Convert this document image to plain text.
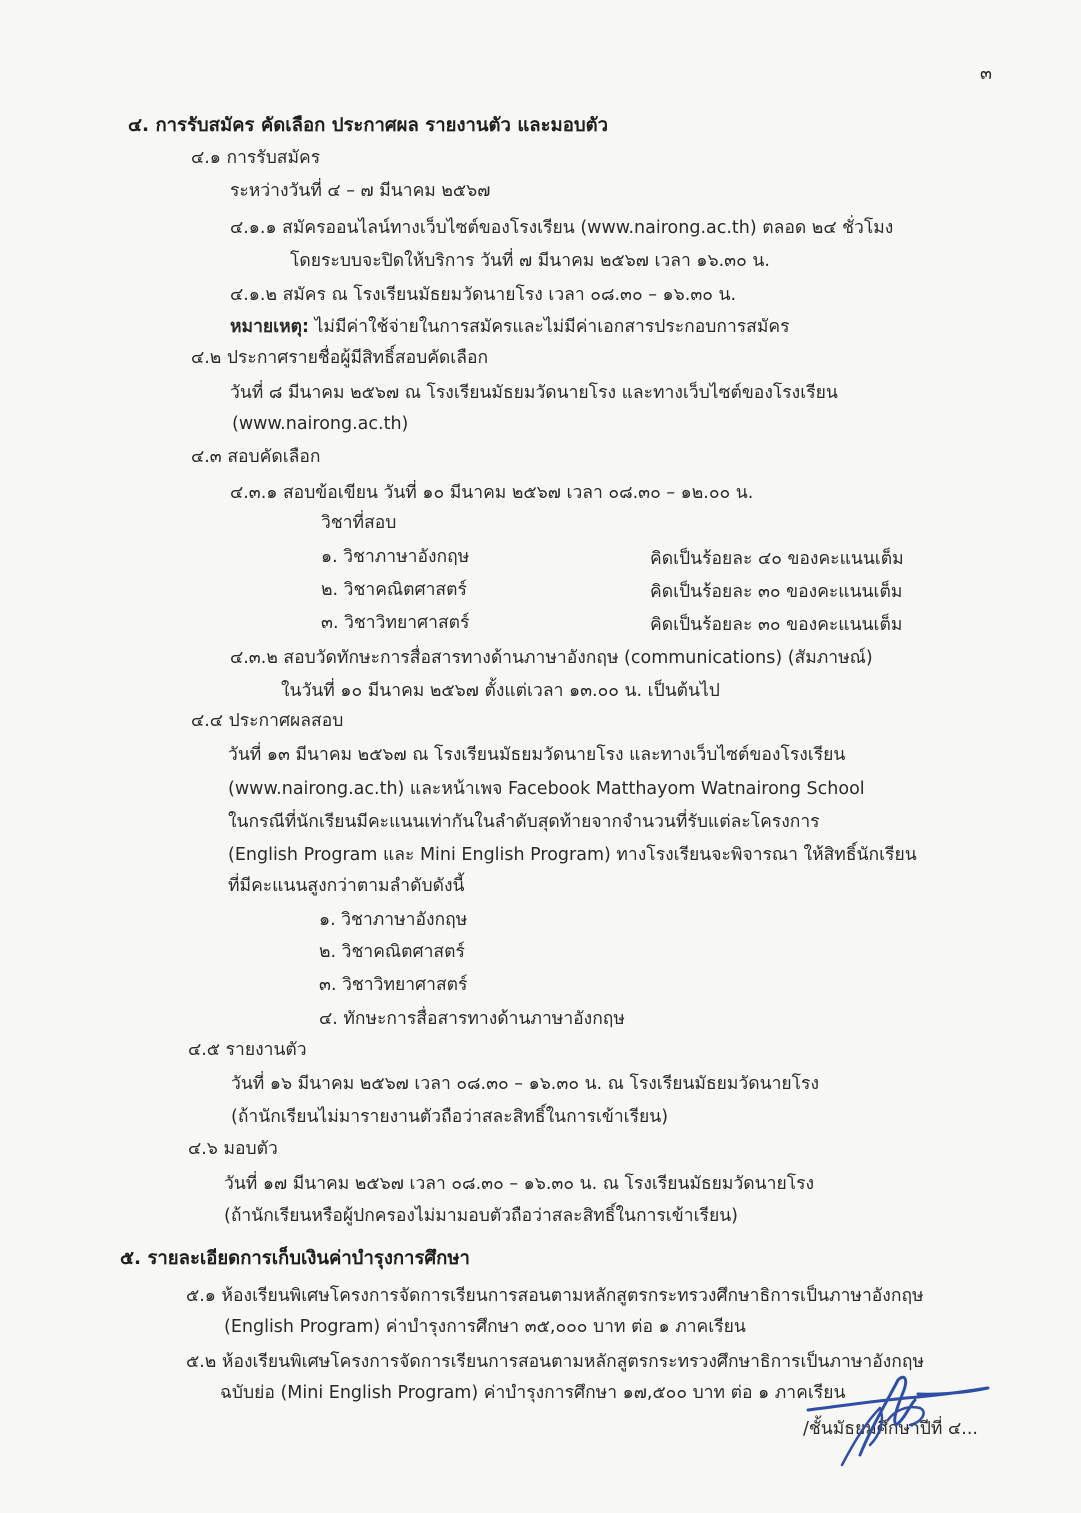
๓
๔. การรับสมัคร คัดเลือก ประกาศผล รายงานตัว และมอบตัว
๔.๑ การรับสมัคร
ระหว่างวันที่ ๔ – ๗ มีนาคม ๒๕๖๗
๔.๑.๑ สมัครออนไลน์ทางเว็บไซต์ของโรงเรียน (www.nairong.ac.th) ตลอด ๒๔ ชั่วโมง
โดยระบบจะปิดให้บริการ วันที่ ๗ มีนาคม ๒๕๖๗ เวลา ๑๖.๓๐ น.
๔.๑.๒ สมัคร ณ โรงเรียนมัธยมวัดนายโรง เวลา ๐๘.๓๐ – ๑๖.๓๐ น.
หมายเหตุ: ไม่มีค่าใช้จ่ายในการสมัครและไม่มีค่าเอกสารประกอบการสมัคร
๔.๒ ประกาศรายชื่อผู้มีสิทธิ์สอบคัดเลือก
วันที่ ๘ มีนาคม ๒๕๖๗ ณ โรงเรียนมัธยมวัดนายโรง และทางเว็บไซต์ของโรงเรียน
(www.nairong.ac.th)
๔.๓ สอบคัดเลือก
๔.๓.๑ สอบข้อเขียน วันที่ ๑๐ มีนาคม ๒๕๖๗ เวลา ๐๘.๓๐ – ๑๒.๐๐ น.
วิชาที่สอบ
๑. วิชาภาษาอังกฤษ	คิดเป็นร้อยละ ๔๐ ของคะแนนเต็ม
๒. วิชาคณิตศาสตร์	คิดเป็นร้อยละ ๓๐ ของคะแนนเต็ม
๓. วิชาวิทยาศาสตร์	คิดเป็นร้อยละ ๓๐ ของคะแนนเต็ม
๔.๓.๒ สอบวัดทักษะการสื่อสารทางด้านภาษาอังกฤษ (communications) (สัมภาษณ์)
ในวันที่ ๑๐ มีนาคม ๒๕๖๗ ตั้งแต่เวลา ๑๓.๐๐ น. เป็นต้นไป
๔.๔ ประกาศผลสอบ
วันที่ ๑๓ มีนาคม ๒๕๖๗ ณ โรงเรียนมัธยมวัดนายโรง และทางเว็บไซต์ของโรงเรียน
(www.nairong.ac.th) และหน้าเพจ Facebook Matthayom Watnairong School
ในกรณีที่นักเรียนมีคะแนนเท่ากันในลำดับสุดท้ายจากจำนวนที่รับแต่ละโครงการ
(English Program และ Mini English Program) ทางโรงเรียนจะพิจารณา ให้สิทธิ์นักเรียน
ที่มีคะแนนสูงกว่าตามลำดับดังนี้
๑. วิชาภาษาอังกฤษ
๒. วิชาคณิตศาสตร์
๓. วิชาวิทยาศาสตร์
๔. ทักษะการสื่อสารทางด้านภาษาอังกฤษ
๔.๕ รายงานตัว
วันที่ ๑๖ มีนาคม ๒๕๖๗ เวลา ๐๘.๓๐ – ๑๖.๓๐ น. ณ โรงเรียนมัธยมวัดนายโรง
(ถ้านักเรียนไม่มารายงานตัวถือว่าสละสิทธิ์ในการเข้าเรียน)
๔.๖ มอบตัว
วันที่ ๑๗ มีนาคม ๒๕๖๗ เวลา ๐๘.๓๐ – ๑๖.๓๐ น. ณ โรงเรียนมัธยมวัดนายโรง
(ถ้านักเรียนหรือผู้ปกครองไม่มามอบตัวถือว่าสละสิทธิ์ในการเข้าเรียน)
๕. รายละเอียดการเก็บเงินค่าบำรุงการศึกษา
๕.๑ ห้องเรียนพิเศษโครงการจัดการเรียนการสอนตามหลักสูตรกระทรวงศึกษาธิการเป็นภาษาอังกฤษ
(English Program) ค่าบำรุงการศึกษา ๓๕,๐๐๐ บาท ต่อ ๑ ภาคเรียน
๕.๒ ห้องเรียนพิเศษโครงการจัดการเรียนการสอนตามหลักสูตรกระทรวงศึกษาธิการเป็นภาษาอังกฤษ
ฉบับย่อ (Mini English Program) ค่าบำรุงการศึกษา ๑๗,๕๐๐ บาท ต่อ ๑ ภาคเรียน
/ชั้นมัธยมศึกษาปีที่ ๔...
